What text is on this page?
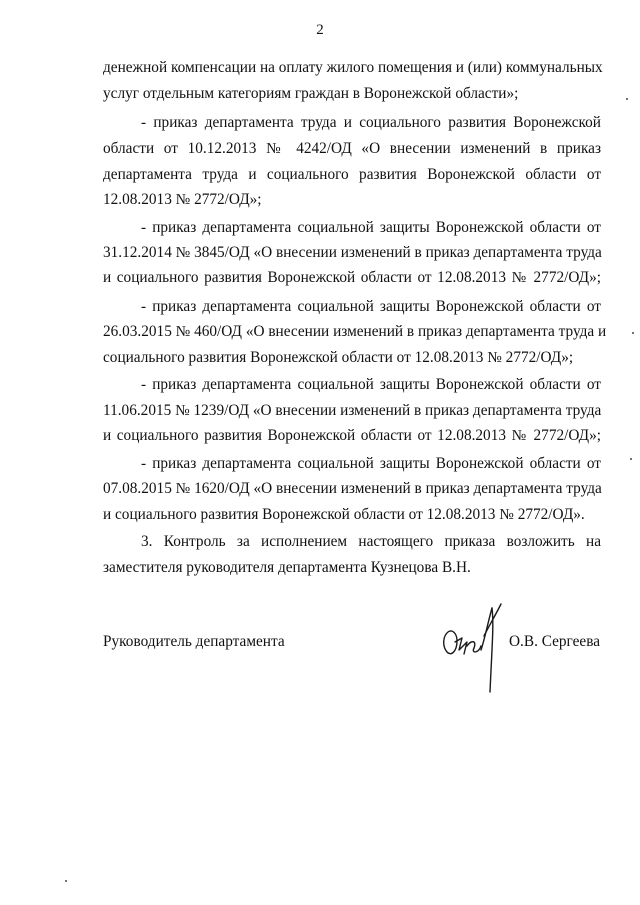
2
денежной компенсации на оплату жилого помещения и (или) коммунальных
услуг отдельным категориям граждан в Воронежской области»;
- приказ департамента труда и социального развития Воронежской
области от 10.12.2013 № 4242/ОД «О внесении изменений в приказ
департамента труда и социального развития Воронежской области от
12.08.2013 № 2772/ОД»;
- приказ департамента социальной защиты Воронежской области от
31.12.2014 № 3845/ОД «О внесении изменений в приказ департамента труда
и социального развития Воронежской области от 12.08.2013 № 2772/ОД»;
- приказ департамента социальной защиты Воронежской области от
26.03.2015 № 460/ОД «О внесении изменений в приказ департамента труда и
социального развития Воронежской области от 12.08.2013 № 2772/ОД»;
- приказ департамента социальной защиты Воронежской области от
11.06.2015 № 1239/ОД «О внесении изменений в приказ департамента труда
и социального развития Воронежской области от 12.08.2013 № 2772/ОД»;
- приказ департамента социальной защиты Воронежской области от
07.08.2015 № 1620/ОД «О внесении изменений в приказ департамента труда
и социального развития Воронежской области от 12.08.2013 № 2772/ОД».
3. Контроль за исполнением настоящего приказа возложить на
заместителя руководителя департамента Кузнецова В.Н.
Руководитель департамента	О.В. Сергеева
